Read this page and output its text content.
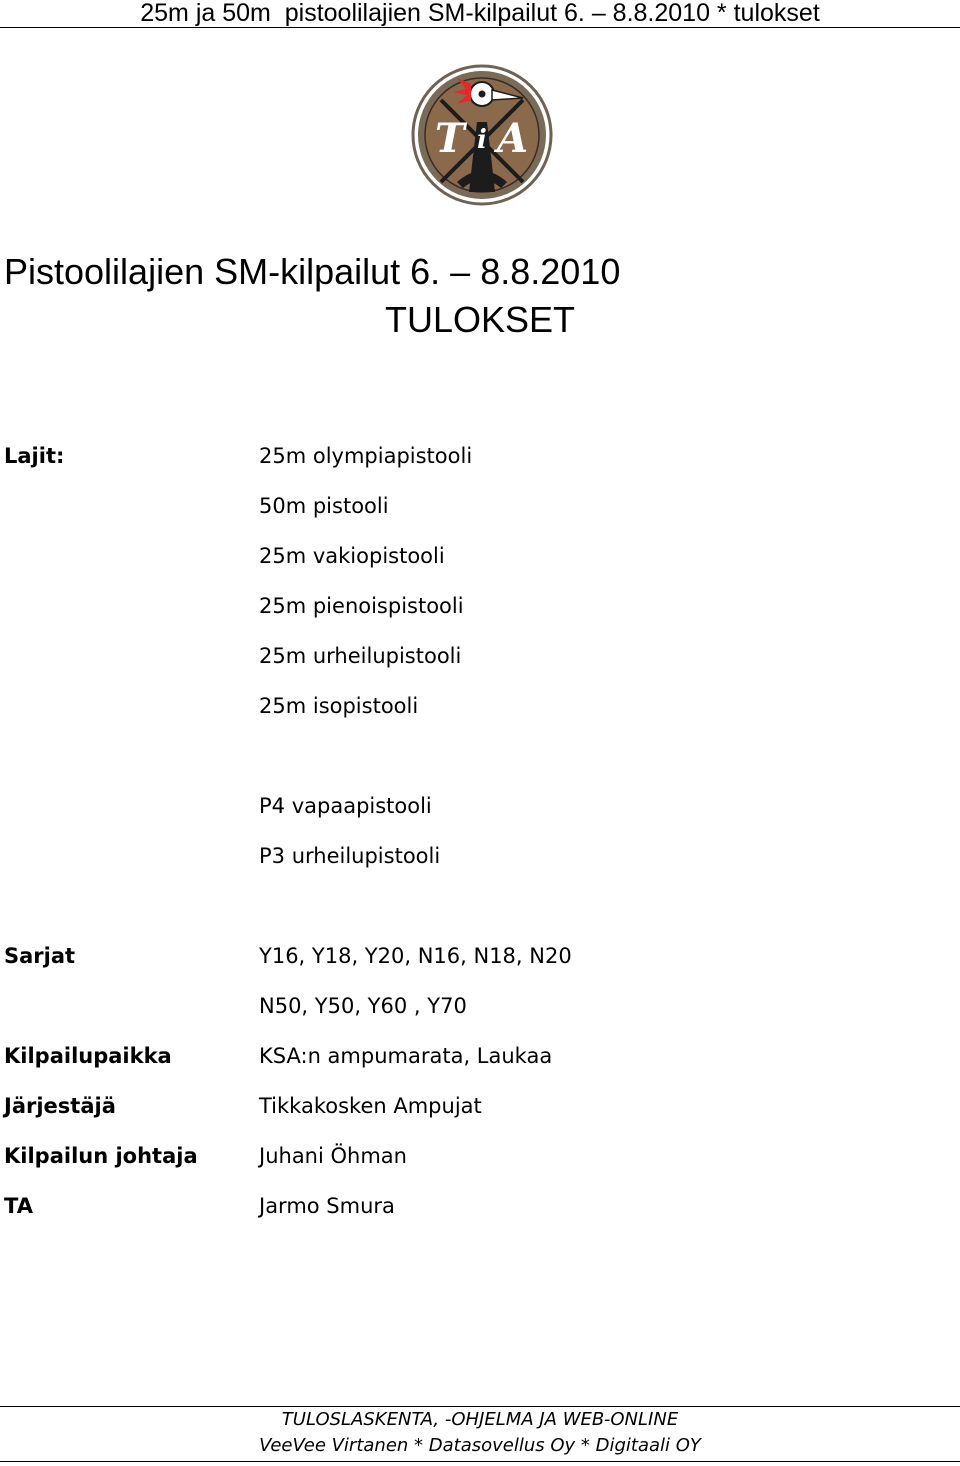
25m ja 50m  pistoolilajien SM-kilpailut 6. – 8.8.2010 * tulokset
T i A
Pistoolilajien SM-kilpailut 6. – 8.8.2010
TULOKSET
Lajit:	25m olympiapistooli
50m pistooli
25m vakiopistooli
25m pienoispistooli
25m urheilupistooli
25m isopistooli
P4 vapaapistooli
P3 urheilupistooli
Sarjat	Y16, Y18, Y20, N16, N18, N20
N50, Y50, Y60 , Y70
Kilpailupaikka	KSA:n ampumarata, Laukaa
Järjestäjä	Tikkakosken Ampujat
Kilpailun johtaja	Juhani Öhman
TA	Jarmo Smura
TULOSLASKENTA, -OHJELMA JA WEB-ONLINE
VeeVee Virtanen * Datasovellus Oy * Digitaali OY
